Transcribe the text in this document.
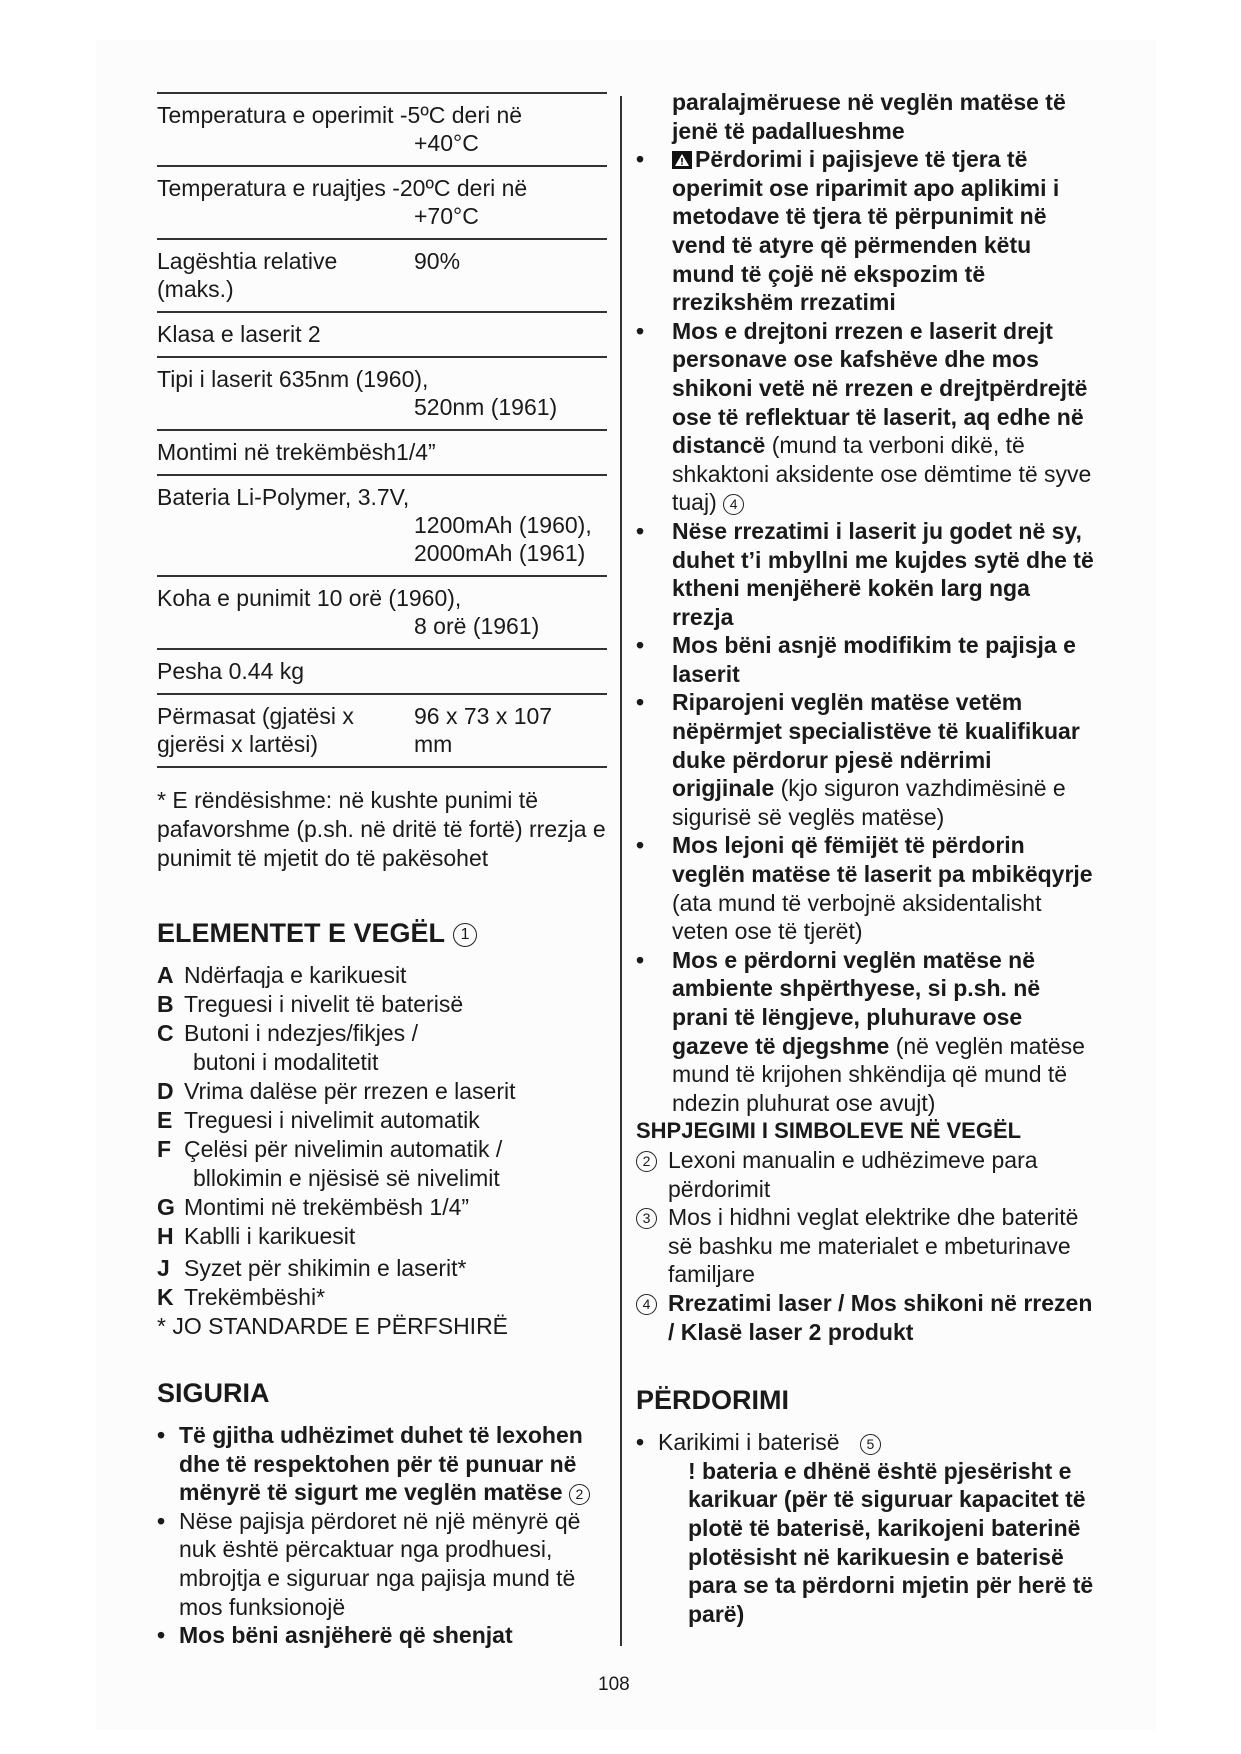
Temperatura e operimit -5ºC deri në
+40°C
Temperatura e ruajtjes -20ºC deri në
+70°C
Lagështia relative
(maks.)
90%
Klasa e laserit 2
Tipi i laserit 635nm (1960),
520nm (1961)
Montimi në trekëmbësh1/4”
Bateria Li-Polymer, 3.7V,
1200mAh (1960),
2000mAh (1961)
Koha e punimit 10 orë (1960),
8 orë (1961)
Pesha 0.44 kg
Përmasat (gjatësi x
gjerësi x lartësi)
96 x 73 x 107
mm
* E rëndësishme: në kushte punimi të pafavorshme (p.sh. në dritë të fortë) rrezja e punimit të mjetit do të pakësohet
ELEMENTET E VEGËL 1
A Ndërfaqja e karikuesit
B Treguesi i nivelit të baterisë
C Butoni i ndezjes/fikjes /
butoni i modalitetit
D Vrima dalëse për rrezen e laserit
E Treguesi i nivelimit automatik
F Çelësi për nivelimin automatik /
bllokimin e njësisë së nivelimit
G Montimi në trekëmbësh 1/4”
H Kablli i karikuesit
J Syzet për shikimin e laserit*
K Trekëmbëshi*
* JO STANDARDE E PËRFSHIRË
SIGURIA
• Të gjitha udhëzimet duhet të lexohen dhe të respektohen për të punuar në mënyrë të sigurt me veglën matëse 2
• Nëse pajisja përdoret në një mënyrë që nuk është përcaktuar nga prodhuesi, mbrojtja e siguruar nga pajisja mund të mos funksionojë
• Mos bëni asnjëherë që shenjat
paralajmëruese në veglën matëse të jenë të padallueshme
• Përdorimi i pajisjeve të tjera të operimit ose riparimit apo aplikimi i metodave të tjera të përpunimit në vend të atyre që përmenden këtu mund të çojë në ekspozim të rrezikshëm rrezatimi
• Mos e drejtoni rrezen e laserit drejt personave ose kafshëve dhe mos shikoni vetë në rrezen e drejtpërdrejtë ose të reflektuar të laserit, aq edhe në distancë (mund ta verboni dikë, të shkaktoni aksidente ose dëmtime të syve tuaj) 4
• Nëse rrezatimi i laserit ju godet në sy, duhet t’i mbyllni me kujdes sytë dhe të ktheni menjëherë kokën larg nga rrezja
• Mos bëni asnjë modifikim te pajisja e laserit
• Riparojeni veglën matëse vetëm nëpërmjet specialistëve të kualifikuar duke përdorur pjesë ndërrimi origjinale (kjo siguron vazhdimësinë e sigurisë së veglës matëse)
• Mos lejoni që fëmijët të përdorin veglën matëse të laserit pa mbikëqyrje (ata mund të verbojnë aksidentalisht veten ose të tjerët)
• Mos e përdorni veglën matëse në ambiente shpërthyese, si p.sh. në prani të lëngjeve, pluhurave ose gazeve të djegshme (në veglën matëse mund të krijohen shkëndija që mund të ndezin pluhurat ose avujt)
SHPJEGIMI I SIMBOLEVE NË VEGËL
2 Lexoni manualin e udhëzimeve para përdorimit
3 Mos i hidhni veglat elektrike dhe bateritë së bashku me materialet e mbeturinave familjare
4 Rrezatimi laser / Mos shikoni në rrezen / Klasë laser 2 produkt
PËRDORIMI
• Karikimi i baterisë 5
! bateria e dhënë është pjesërisht e karikuar (për të siguruar kapacitet të plotë të baterisë, karikojeni baterinë plotësisht në karikuesin e baterisë para se ta përdorni mjetin për herë të parë)
108
